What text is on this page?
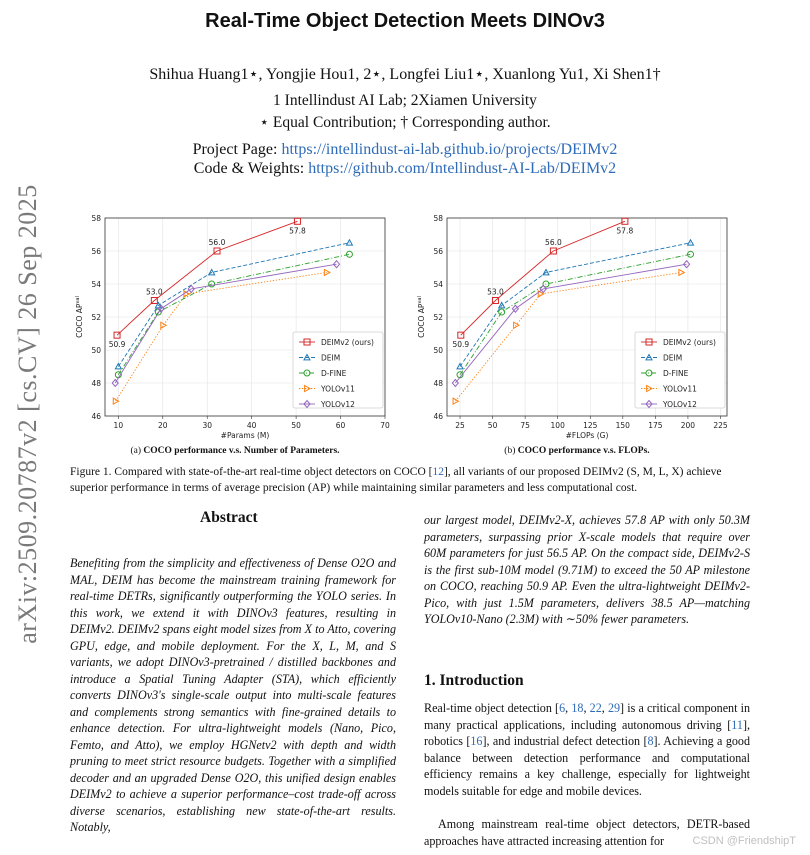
arXiv:2509.20787v2 [cs.CV] 26 Sep 2025
Real-Time Object Detection Meets DINOv3
Shihua Huang1⋆, Yongjie Hou1, 2⋆, Longfei Liu1⋆, Xuanlong Yu1, Xi Shen1†
1 Intellindust AI Lab; 2Xiamen University
⋆ Equal Contribution; † Corresponding author.
Project Page: https://intellindust-ai-lab.github.io/projects/DEIMv2
Code & Weights: https://github.com/Intellindust-AI-Lab/DEIMv2
46
48
50
52
54
56
58
10	20	30	40	50	60	70
#Params (M)
COCO $AP^{val}$
50.9
53.0
56.0
57.8
DEIMv2 (ours)
DEIM
D-FINE
YOLOv11
YOLOv12
46
48
50
52
54
56
58
25	50	75	100 125 150 175 200 225
#FLOPs (G)
COCO $AP^{val}$
50.9
53.0
56.0
57.8
DEIMv2 (ours)
DEIM
D-FINE
YOLOv11
YOLOv12
(a) COCO performance v.s. Number of Parameters.	(b) COCO performance v.s. FLOPs.
Figure 1. Compared with state-of-the-art real-time object detectors on COCO [12], all variants of our proposed DEIMv2 (S, M, L, X) achieve superior performance in terms of average precision (AP) while maintaining similar parameters and less computational cost.
Abstract
Benefiting from the simplicity and effectiveness of Dense O2O and MAL, DEIM has become the mainstream training framework for real-time DETRs, significantly outperforming the YOLO series. In this work, we extend it with DINOv3 features, resulting in DEIMv2. DEIMv2 spans eight model sizes from X to Atto, covering GPU, edge, and mobile deployment. For the X, L, M, and S variants, we adopt DINOv3-pretrained / distilled backbones and introduce a Spatial Tuning Adapter (STA), which efficiently converts DINOv3's single-scale output into multi-scale features and complements strong semantics with fine-grained details to enhance detection. For ultra-lightweight models (Nano, Pico, Femto, and Atto), we employ HGNetv2 with depth and width pruning to meet strict resource budgets. Together with a simplified decoder and an upgraded Dense O2O, this unified design enables DEIMv2 to achieve a superior performance–cost trade-off across diverse scenarios, establishing new state-of-the-art results. Notably,
our largest model, DEIMv2-X, achieves 57.8 AP with only 50.3M parameters, surpassing prior X-scale models that require over 60M parameters for just 56.5 AP. On the compact side, DEIMv2-S is the first sub-10M model (9.71M) to exceed the 50 AP milestone on COCO, reaching 50.9 AP. Even the ultra-lightweight DEIMv2-Pico, with just 1.5M parameters, delivers 38.5 AP—matching YOLOv10-Nano (2.3M) with ∼50% fewer parameters.
1. Introduction
Real-time object detection [6, 18, 22, 29] is a critical component in many practical applications, including autonomous driving [11], robotics [16], and industrial defect detection [8]. Achieving a good balance between detection performance and computational efficiency remains a key challenge, especially for lightweight models suitable for edge and mobile devices.
Among mainstream real-time object detectors, DETR-based approaches have attracted increasing attention for	CSDN @FriendshipT
